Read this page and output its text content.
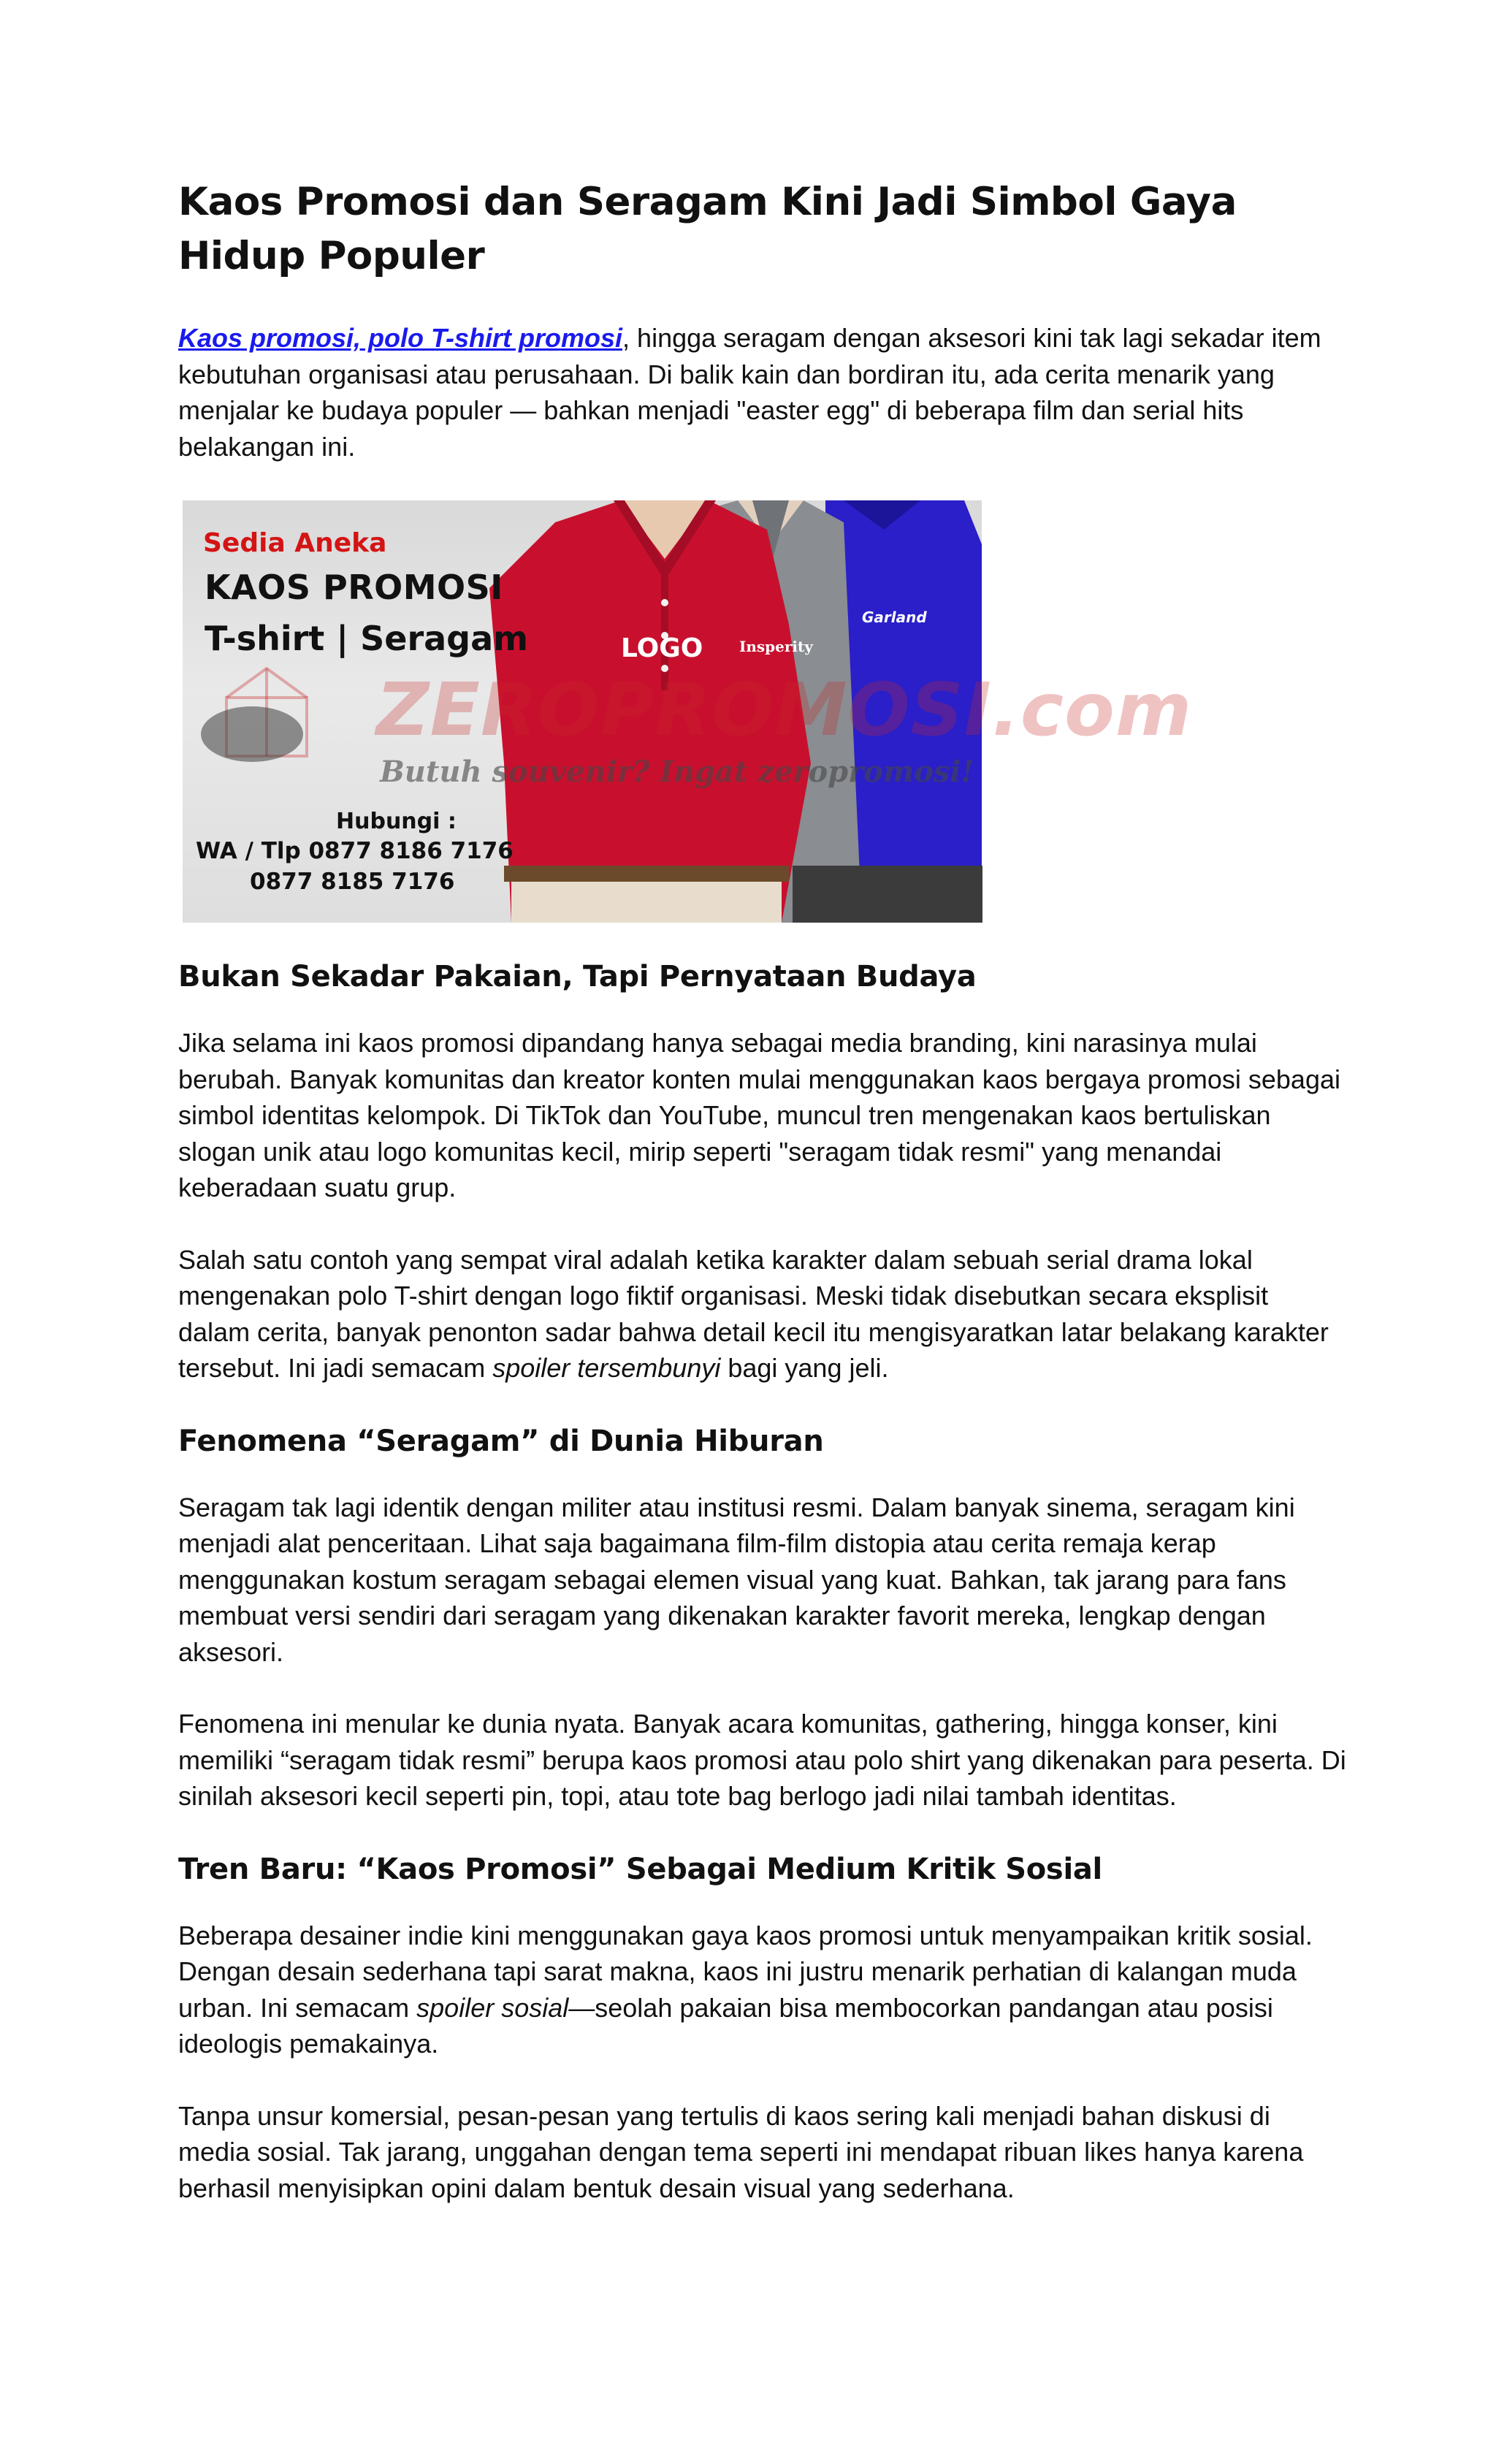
Kaos Promosi dan Seragam Kini Jadi Simbol Gaya Hidup Populer

Kaos promosi, polo T-shirt promosi, hingga seragam dengan aksesori kini tak lagi sekadar item kebutuhan organisasi atau perusahaan. Di balik kain dan bordiran itu, ada cerita menarik yang menjalar ke budaya populer — bahkan menjadi "easter egg" di beberapa film dan serial hits belakangan ini.

Sedia Aneka
KAOS PROMOSI
T-shirt | Seragam
ZEROPROMOSI.com
Butuh souvenir? Ingat zeropromosi!
Hubungi :
WA / Tlp 0877 8186 7176
0877 8185 7176
LOGO Insperity
Garland
Bukan Sekadar Pakaian, Tapi Pernyataan Budaya

Jika selama ini kaos promosi dipandang hanya sebagai media branding, kini narasinya mulai berubah. Banyak komunitas dan kreator konten mulai menggunakan kaos bergaya promosi sebagai simbol identitas kelompok. Di TikTok dan YouTube, muncul tren mengenakan kaos bertuliskan slogan unik atau logo komunitas kecil, mirip seperti "seragam tidak resmi" yang menandai keberadaan suatu grup.

Salah satu contoh yang sempat viral adalah ketika karakter dalam sebuah serial drama lokal mengenakan polo T-shirt dengan logo fiktif organisasi. Meski tidak disebutkan secara eksplisit dalam cerita, banyak penonton sadar bahwa detail kecil itu mengisyaratkan latar belakang karakter tersebut. Ini jadi semacam spoiler tersembunyi bagi yang jeli.

Fenomena “Seragam” di Dunia Hiburan

Seragam tak lagi identik dengan militer atau institusi resmi. Dalam banyak sinema, seragam kini menjadi alat penceritaan. Lihat saja bagaimana film-film distopia atau cerita remaja kerap menggunakan kostum seragam sebagai elemen visual yang kuat. Bahkan, tak jarang para fans membuat versi sendiri dari seragam yang dikenakan karakter favorit mereka, lengkap dengan aksesori.

Fenomena ini menular ke dunia nyata. Banyak acara komunitas, gathering, hingga konser, kini memiliki “seragam tidak resmi” berupa kaos promosi atau polo shirt yang dikenakan para peserta. Di sinilah aksesori kecil seperti pin, topi, atau tote bag berlogo jadi nilai tambah identitas.

Tren Baru: “Kaos Promosi” Sebagai Medium Kritik Sosial

Beberapa desainer indie kini menggunakan gaya kaos promosi untuk menyampaikan kritik sosial. Dengan desain sederhana tapi sarat makna, kaos ini justru menarik perhatian di kalangan muda urban. Ini semacam spoiler sosial—seolah pakaian bisa membocorkan pandangan atau posisi ideologis pemakainya.

Tanpa unsur komersial, pesan-pesan yang tertulis di kaos sering kali menjadi bahan diskusi di media sosial. Tak jarang, unggahan dengan tema seperti ini mendapat ribuan likes hanya karena berhasil menyisipkan opini dalam bentuk desain visual yang sederhana.
